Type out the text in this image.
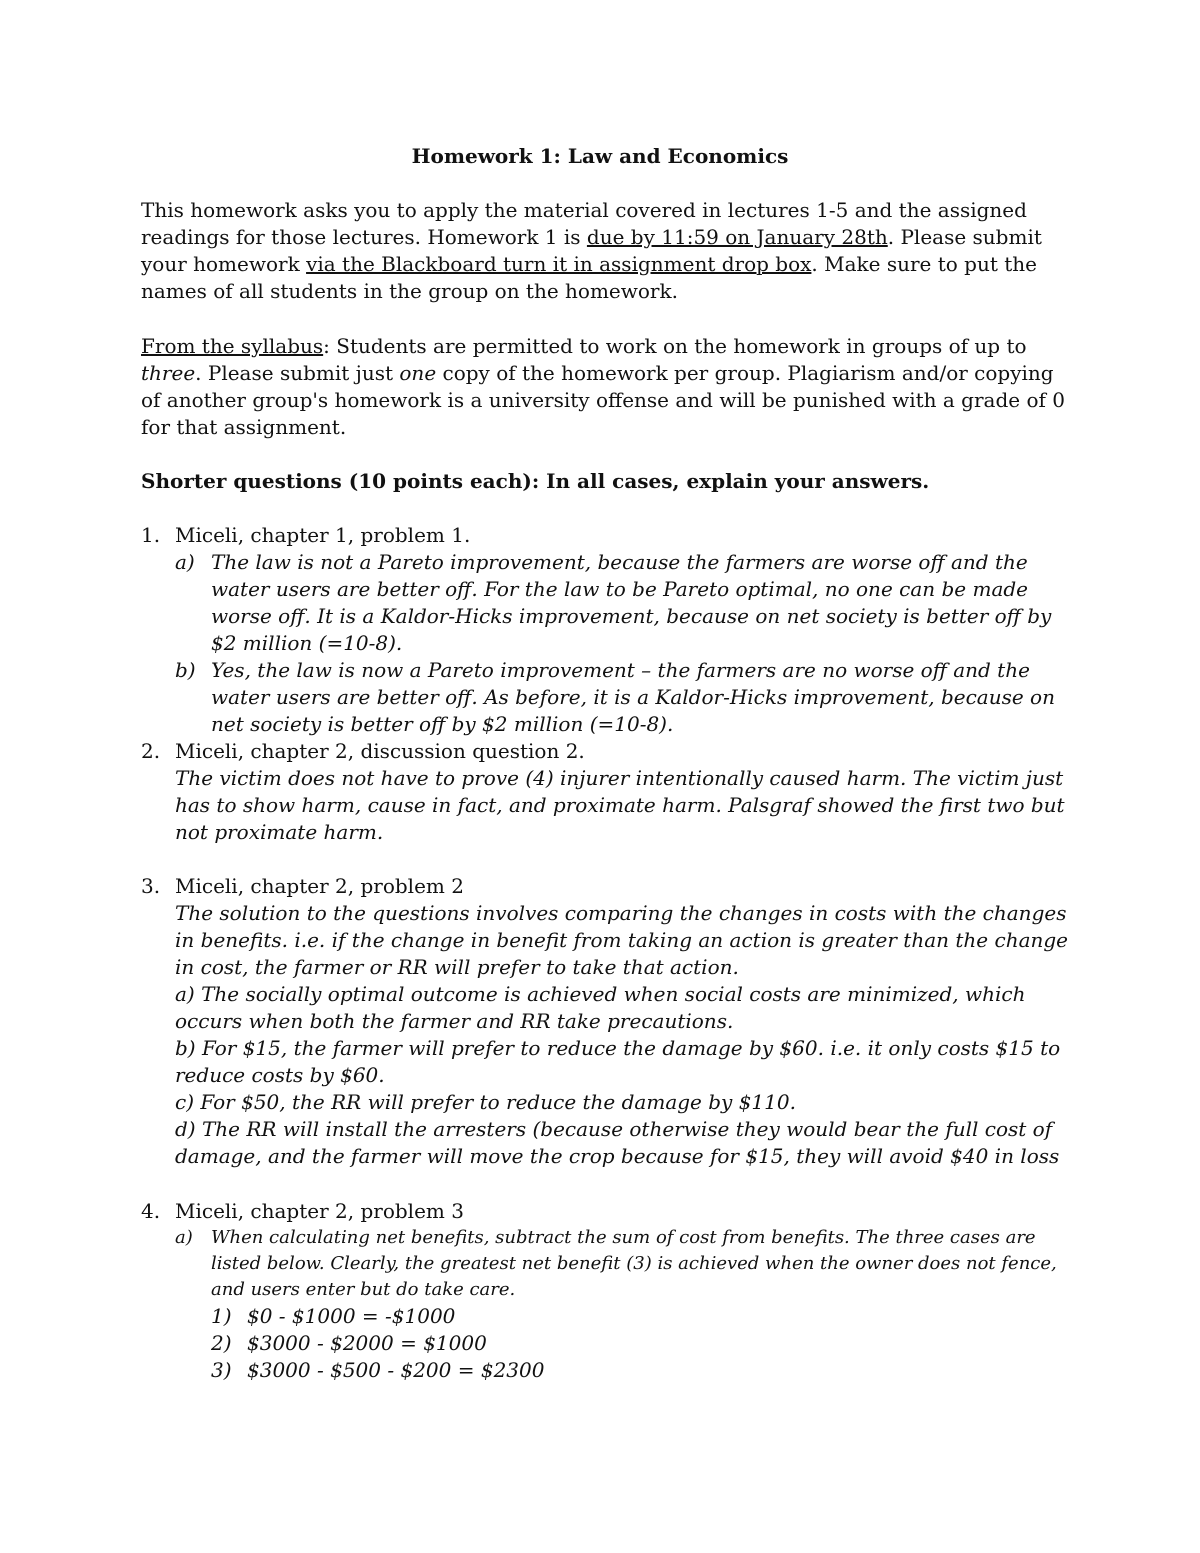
Homework 1: Law and Economics
This homework asks you to apply the material covered in lectures 1-5 and the assigned readings for those lectures. Homework 1 is due by 11:59 on January 28th. Please submit your homework via the Blackboard turn it in assignment drop box. Make sure to put the names of all students in the group on the homework.
From the syllabus: Students are permitted to work on the homework in groups of up to three. Please submit just one copy of the homework per group. Plagiarism and/or copying of another group's homework is a university offense and will be punished with a grade of 0 for that assignment.
Shorter questions (10 points each): In all cases, explain your answers.
1. Miceli, chapter 1, problem 1.
a) The law is not a Pareto improvement, because the farmers are worse off and the water users are better off. For the law to be Pareto optimal, no one can be made worse off. It is a Kaldor-Hicks improvement, because on net society is better off by $2 million (=10-8).
b) Yes, the law is now a Pareto improvement – the farmers are no worse off and the water users are better off. As before, it is a Kaldor-Hicks improvement, because on net society is better off by $2 million (=10-8).
2. Miceli, chapter 2, discussion question 2.
The victim does not have to prove (4) injurer intentionally caused harm. The victim just has to show harm, cause in fact, and proximate harm. Palsgraf showed the first two but not proximate harm.
3. Miceli, chapter 2, problem 2
The solution to the questions involves comparing the changes in costs with the changes in benefits. i.e. if the change in benefit from taking an action is greater than the change in cost, the farmer or RR will prefer to take that action.
a) The socially optimal outcome is achieved when social costs are minimized, which occurs when both the farmer and RR take precautions.
b) For $15, the farmer will prefer to reduce the damage by $60. i.e. it only costs $15 to reduce costs by $60.
c) For $50, the RR will prefer to reduce the damage by $110.
d) The RR will install the arresters (because otherwise they would bear the full cost of damage, and the farmer will move the crop because for $15, they will avoid $40 in loss
4. Miceli, chapter 2, problem 3
a) When calculating net benefits, subtract the sum of cost from benefits. The three cases are listed below. Clearly, the greatest net benefit (3) is achieved when the owner does not fence, and users enter but do take care.
1) $0 - $1000 = -$1000
2) $3000 - $2000 = $1000
3) $3000 - $500 - $200 = $2300
